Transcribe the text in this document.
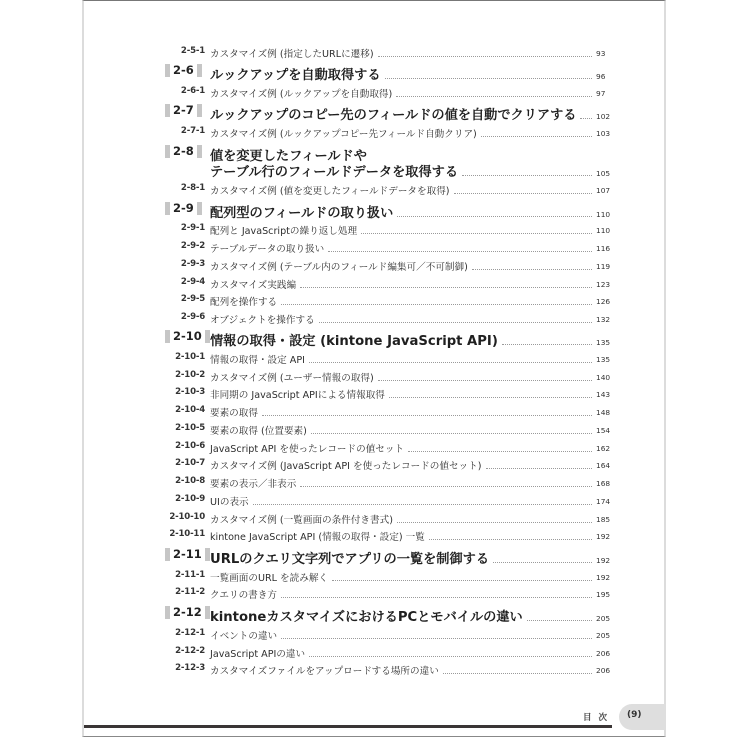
2-5-1 カスタマイズ例 (指定したURLに遷移)	93
2-6	ルックアップを自動取得する	96
2-6-1 カスタマイズ例 (ルックアップを自動取得)	97
2-7	ルックアップのコピー先のフィールドの値を自動でクリアする	102
2-7-1 カスタマイズ例 (ルックアップコピー先フィールド自動クリア)	103
2-8	値を変更したフィールドや
テーブル行のフィールドデータを取得する	105
2-8-1 カスタマイズ例 (値を変更したフィールドデータを取得)	107
2-9	配列型のフィールドの取り扱い	110
2-9-1 配列と JavaScriptの繰り返し処理	110
2-9-2 テーブルデータの取り扱い	116
2-9-3 カスタマイズ例 (テーブル内のフィールド編集可／不可制御)	119
2-9-4 カスタマイズ実践編	123
2-9-5 配列を操作する	126
2-9-6 オブジェクトを操作する	132
2-10 情報の取得・設定 (kintone JavaScript API)	135
2-10-1 情報の取得・設定 API	135
2-10-2 カスタマイズ例 (ユーザー情報の取得)	140
2-10-3 非同期の JavaScript APIによる情報取得	143
2-10-4 要素の取得	148
2-10-5 要素の取得 (位置要素)	154
2-10-6 JavaScript API を使ったレコードの値セット	162
2-10-7 カスタマイズ例 (JavaScript API を使ったレコードの値セット)	164
2-10-8 要素の表示／非表示	168
2-10-9 UIの表示	174
2-10-10 カスタマイズ例 (一覧画面の条件付き書式)	185
2-10-11 kintone JavaScript API (情報の取得・設定) 一覧	192
2-11 URLのクエリ文字列でアプリの一覧を制御する	192
2-11-1 一覧画面のURL を読み解く	192
2-11-2 クエリの書き方	195
2-12 kintoneカスタマイズにおけるPCとモバイルの違い	205
2-12-1 イベントの違い	205
2-12-2 JavaScript APIの違い	206
2-12-3 カスタマイズファイルをアップロードする場所の違い	206
目次 (9)
